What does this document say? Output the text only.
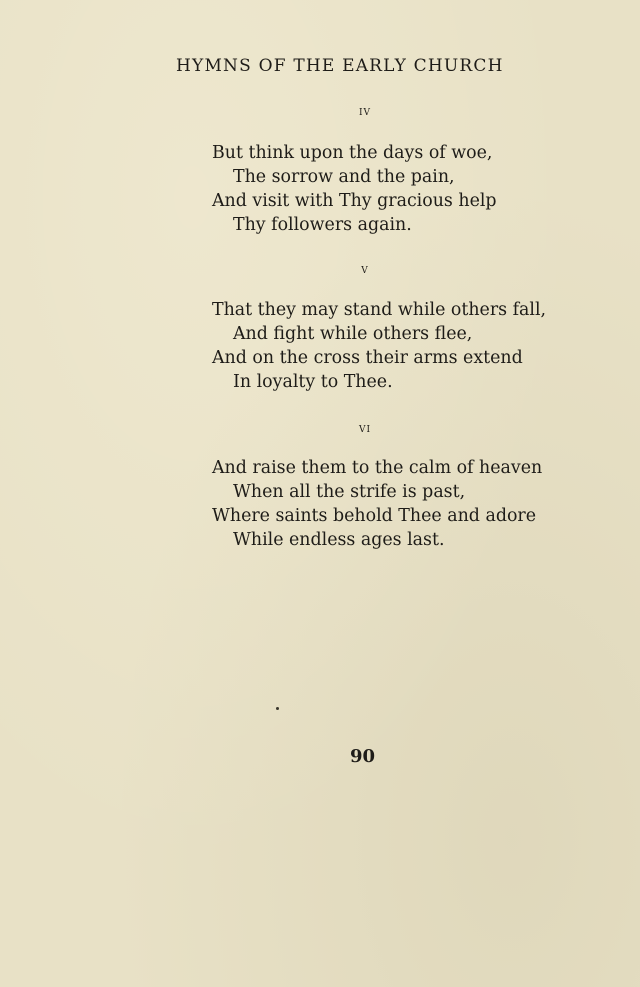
HYMNS OF THE EARLY CHURCH
iv
But think upon the days of woe,
The sorrow and the pain,
And visit with Thy gracious help
Thy followers again.
v
That they may stand while others fall,
And fight while others flee,
And on the cross their arms extend
In loyalty to Thee.
vi
And raise them to the calm of heaven
When all the strife is past,
Where saints behold Thee and adore
While endless ages last.
90
